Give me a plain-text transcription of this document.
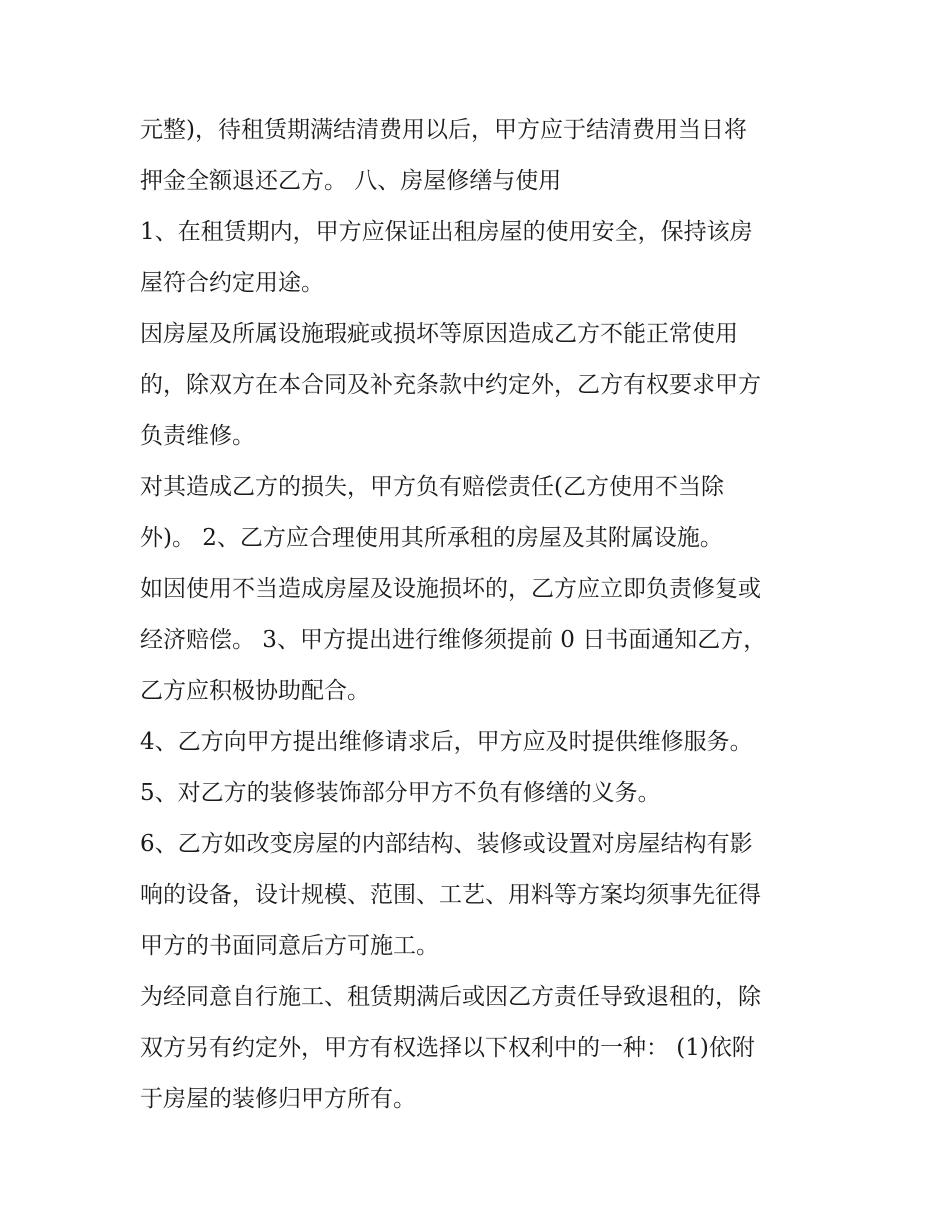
元整)，待租赁期满结清费用以后，甲方应于结清费用当日将
押金全额退还乙方。 八、房屋修缮与使用
1、在租赁期内，甲方应保证出租房屋的使用安全，保持该房
屋符合约定用途。
因房屋及所属设施瑕疵或损坏等原因造成乙方不能正常使用
的，除双方在本合同及补充条款中约定外，乙方有权要求甲方
负责维修。
对其造成乙方的损失，甲方负有赔偿责任(乙方使用不当除
外)。 2、乙方应合理使用其所承租的房屋及其附属设施。
如因使用不当造成房屋及设施损坏的，乙方应立即负责修复或
经济赔偿。 3、甲方提出进行维修须提前 0 日书面通知乙方，
乙方应积极协助配合。
4、乙方向甲方提出维修请求后，甲方应及时提供维修服务。
5、对乙方的装修装饰部分甲方不负有修缮的义务。
6、乙方如改变房屋的内部结构、装修或设置对房屋结构有影
响的设备，设计规模、范围、工艺、用料等方案均须事先征得
甲方的书面同意后方可施工。
为经同意自行施工、租赁期满后或因乙方责任导致退租的，除
双方另有约定外，甲方有权选择以下权利中的一种： (1)依附
于房屋的装修归甲方所有。
